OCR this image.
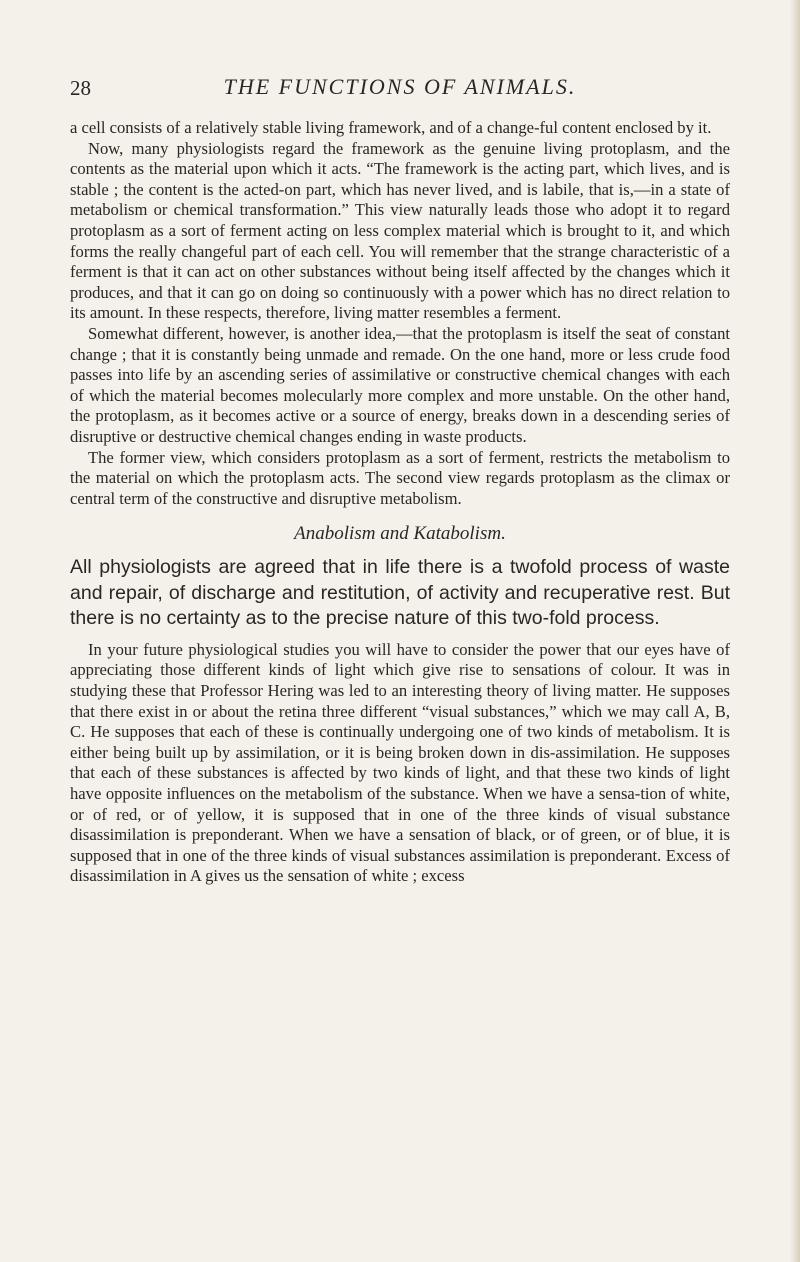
28	THE FUNCTIONS OF ANIMALS.

a cell consists of a relatively stable living framework, and of a change-ful content enclosed by it.

Now, many physiologists regard the framework as the genuine living protoplasm, and the contents as the material upon which it acts. “The framework is the acting part, which lives, and is stable ; the content is the acted-on part, which has never lived, and is labile, that is,—in a state of metabolism or chemical transformation.” This view naturally leads those who adopt it to regard protoplasm as a sort of ferment acting on less complex material which is brought to it, and which forms the really changeful part of each cell. You will remember that the strange characteristic of a ferment is that it can act on other substances without being itself affected by the changes which it produces, and that it can go on doing so continuously with a power which has no direct relation to its amount. In these respects, therefore, living matter resembles a ferment.

Somewhat different, however, is another idea,—that the protoplasm is itself the seat of constant change ; that it is constantly being unmade and remade. On the one hand, more or less crude food passes into life by an ascending series of assimilative or constructive chemical changes with each of which the material becomes molecularly more complex and more unstable. On the other hand, the protoplasm, as it becomes active or a source of energy, breaks down in a descending series of disruptive or destructive chemical changes ending in waste products.

The former view, which considers protoplasm as a sort of ferment, restricts the metabolism to the material on which the protoplasm acts. The second view regards protoplasm as the climax or central term of the constructive and disruptive metabolism.

Anabolism and Katabolism.

All physiologists are agreed that in life there is a twofold process of waste and repair, of discharge and restitution, of activity and recuperative rest. But there is no certainty as to the precise nature of this two-fold process.

In your future physiological studies you will have to consider the power that our eyes have of appreciating those different kinds of light which give rise to sensations of colour. It was in studying these that Professor Hering was led to an interesting theory of living matter. He supposes that there exist in or about the retina three different “visual substances,” which we may call A, B, C. He supposes that each of these is continually undergoing one of two kinds of metabolism. It is either being built up by assimilation, or it is being broken down in dis-assimilation. He supposes that each of these substances is affected by two kinds of light, and that these two kinds of light have opposite influences on the metabolism of the substance. When we have a sensa-tion of white, or of red, or of yellow, it is supposed that in one of the three kinds of visual substance disassimilation is preponderant. When we have a sensation of black, or of green, or of blue, it is supposed that in one of the three kinds of visual substances assimilation is preponderant. Excess of disassimilation in A gives us the sensation of white ; excess
